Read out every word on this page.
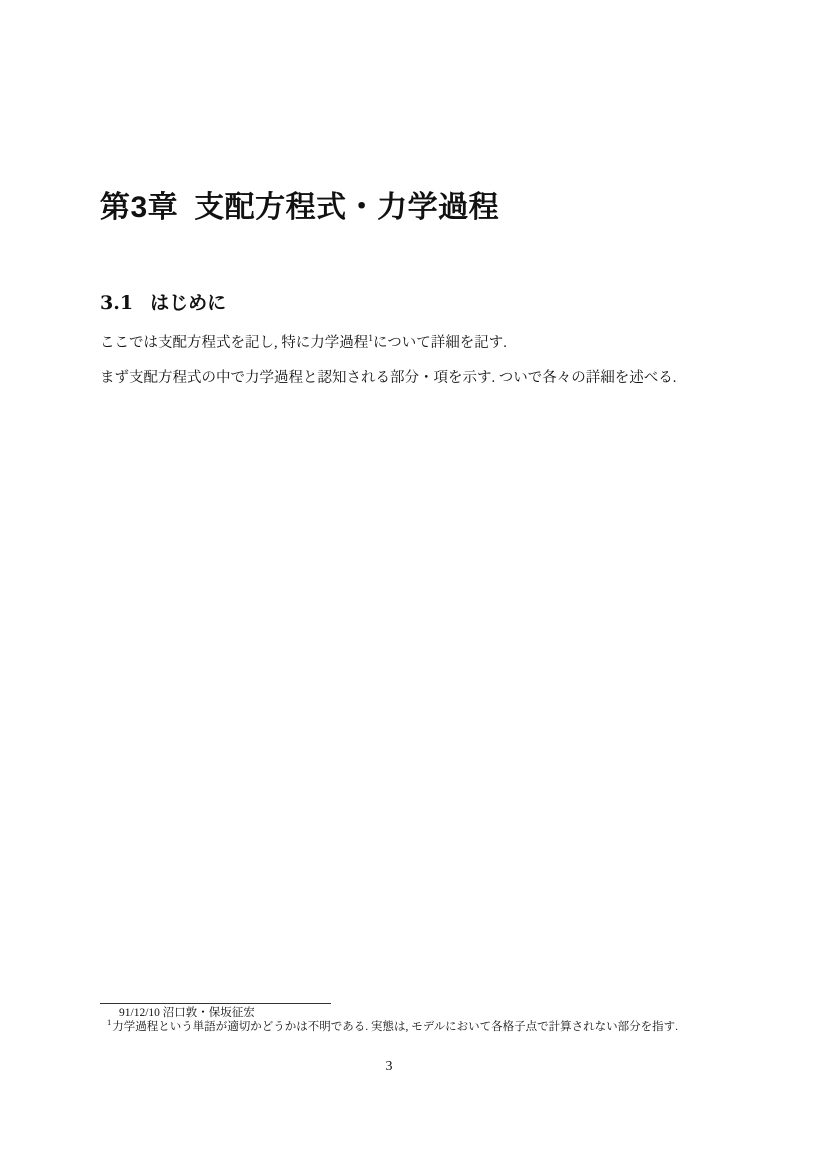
第3章 支配方程式・力学過程
3.1 はじめに

ここでは支配方程式を記し, 特に力学過程$^1$について詳細を記す.

まず支配方程式の中で力学過程と認知される部分・項を示す. ついで各々の詳細を述べる.

91/12/10 沼口敦・保坂征宏
$^1$力学過程という単語が適切かどうかは不明である. 実態は, モデルにおいて各格子点で計算されない部分を指す.
3
